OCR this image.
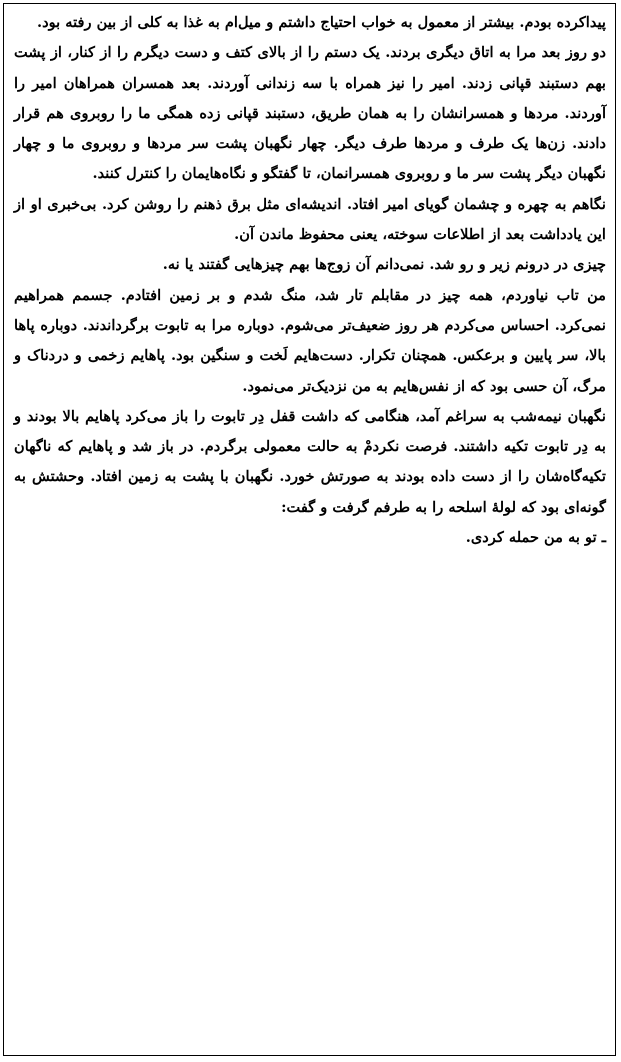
پیداکرده بودم. بیشتر از معمول به خواب احتیاج داشتم و میل‌ام به غذا به کلی از بین رفته بود.

دو روز بعد مرا به اتاق دیگری بردند. یک دستم را از بالای کتف و دست دیگرم را از کنار، از پشت بهم دستبند قپانی زدند. امیر را نیز همراه با سه زندانی آوردند. بعد همسران همراهان امیر را آوردند. مردها و همسرانشان را به همان طریق، دستبند قپانی زده همگی ما را روبروی هم قرار دادند. زن‌ها یک طرف و مردها طرف دیگر. چهار نگهبان پشت سر مردها و روبروی ما و چهار نگهبان دیگر پشت سر ما و روبروی همسرانمان، تا گفتگو و نگاه‌هایمان را کنترل کنند.

نگاهم به چهره و چشمان گویای امیر افتاد. اندیشه‌ای مثل برق ذهنم را روشن کرد. بی‌خبری او از این یادداشت بعد از اطلاعات سوخته، یعنی محفوظ ماندن آن.

چیزی در درونم زیر و رو شد. نمی‌دانم آن زوج‌ها بهم چیزهایی گفتند یا نه.

من تاب نیاوردم، همه چیز در مقابلم تار شد، منگ شدم و بر زمین افتادم. جسمم همراهیم نمی‌کرد. احساس می‌کردم هر روز ضعیف‌تر می‌شوم. دوباره مرا به تابوت برگرداندند. دوباره پاها بالا، سر پایین و برعکس. همچنان تکرار. دست‌هایم لَخت و سنگین بود. پاهایم زخمی و دردناک و مرگ، آن حسی بود که از نفس‌هایم به من نزدیک‌تر می‌نمود.

نگهبان نیمه‌شب به سراغم آمد، هنگامی که داشت قفل دِر تابوت را باز می‌کرد پاهایم بالا بودند و به دِر تابوت تکیه داشتند. فرصت نکردمْ به حالت معمولی برگردم. در باز شد و پاهایم که ناگهان تکیه‌گاه‌شان را از دست داده بودند به صورتش خورد. نگهبان با پشت به زمین افتاد. وحشتش به گونه‌ای بود که لولهٔ اسلحه را به طرفم گرفت و گفت:

ـ تو به من حمله کردی.
